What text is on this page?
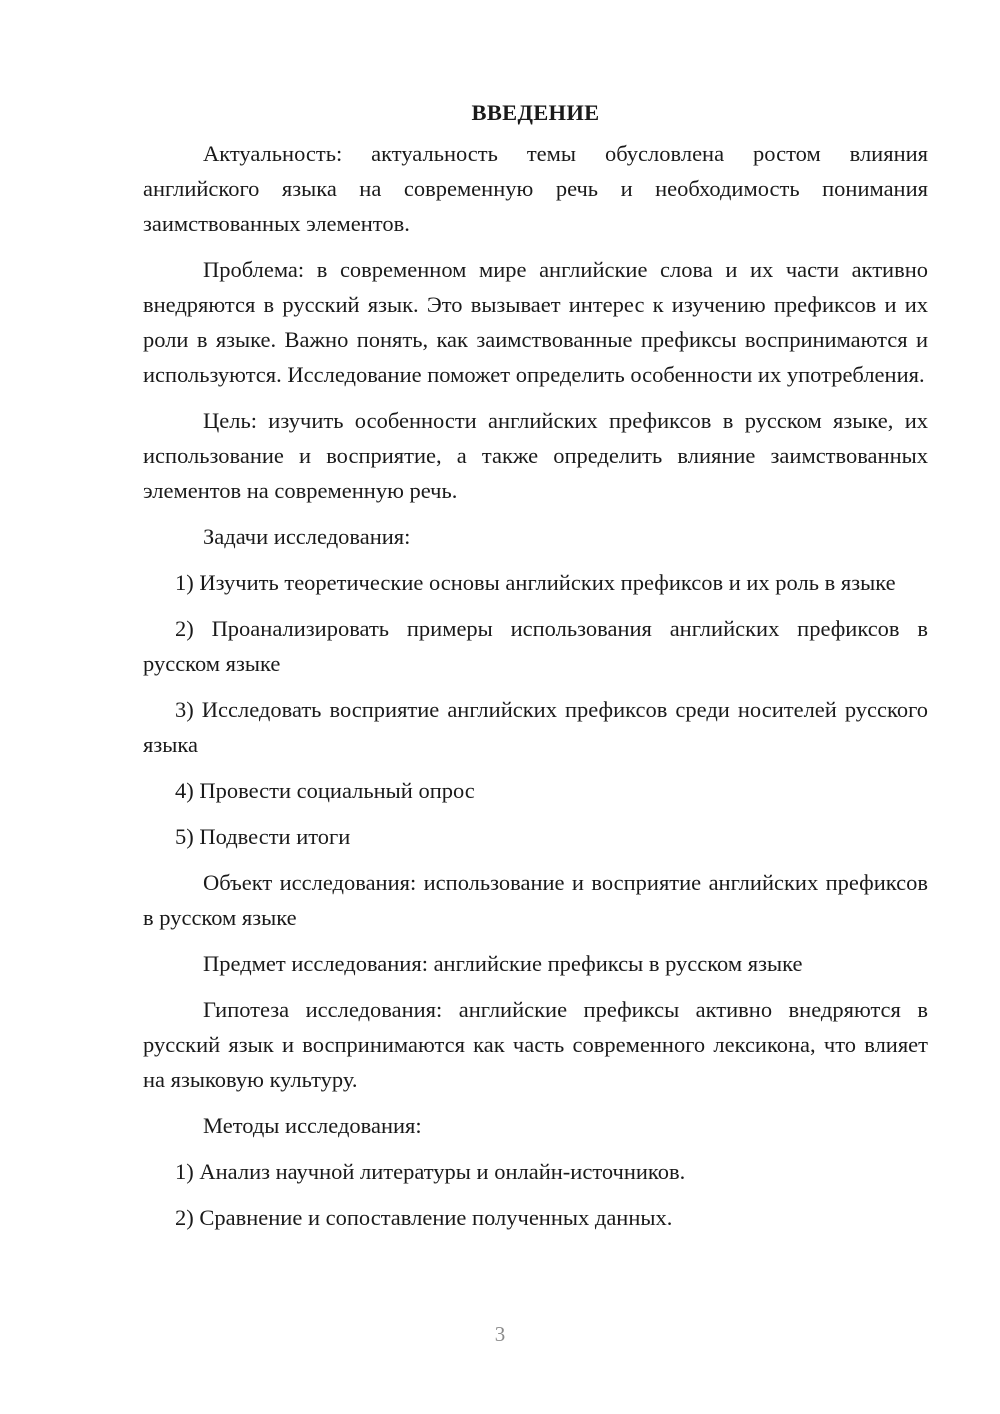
ВВЕДЕНИЕ

Актуальность: актуальность темы обусловлена ростом влияния английского языка на современную речь и необходимость понимания заимствованных элементов.

Проблема: в современном мире английские слова и их части активно внедряются в русский язык. Это вызывает интерес к изучению префиксов и их роли в языке. Важно понять, как заимствованные префиксы воспринимаются и используются. Исследование поможет определить особенности их употребления.

Цель: изучить особенности английских префиксов в русском языке, их использование и восприятие, а также определить влияние заимствованных элементов на современную речь.

Задачи исследования:

1) Изучить теоретические основы английских префиксов и их роль в языке

2) Проанализировать примеры использования английских префиксов в русском языке

3) Исследовать восприятие английских префиксов среди носителей русского языка

4) Провести социальный опрос

5) Подвести итоги

Объект исследования: использование и восприятие английских префиксов в русском языке

Предмет исследования: английские префиксы в русском языке

Гипотеза исследования: английские префиксы активно внедряются в русский язык и воспринимаются как часть современного лексикона, что влияет на языковую культуру.

Методы исследования:

1) Анализ научной литературы и онлайн-источников.

2) Сравнение и сопоставление полученных данных.

3
